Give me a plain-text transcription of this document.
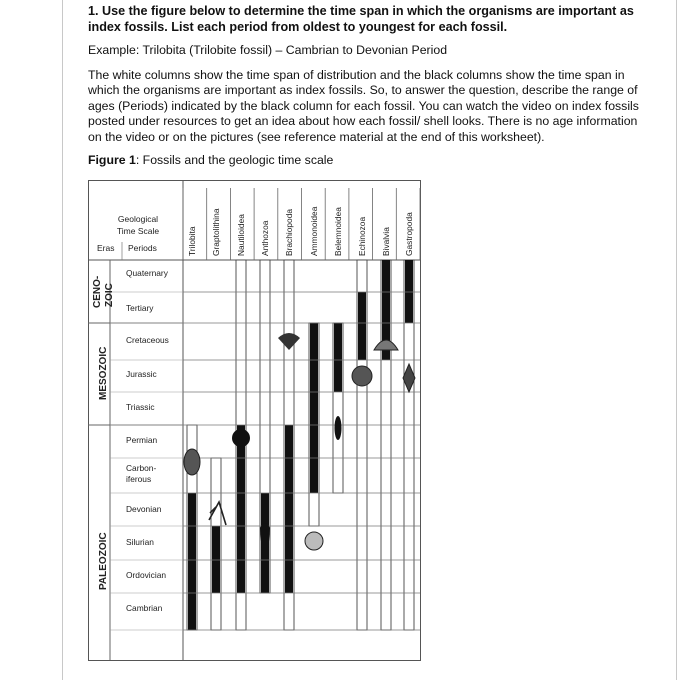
1. Use the figure below to determine the time span in which the organisms are important as index fossils. List each period from oldest to youngest for each fossil.
Example: Trilobita (Trilobite fossil) – Cambrian to Devonian Period
The white columns show the time span of distribution and the black columns show the time span in which the organisms are important as index fossils. So, to answer the question, describe the range of ages (Periods) indicated by the black column for each fossil. You can watch the video on index fossils posted under resources to get an idea about how each fossil/ shell looks. There is no age information on the video or on the pictures (see reference material at the end of this worksheet).
Figure 1: Fossils and the geologic time scale
Trilobita Graptolithina Nautiloidea Anthozoa Brachiopoda Ammonoidea Belemnoidea Echinozoa Bivalvia Gastropoda
Geological
Time Scale
Eras Periods
CENO- ZOIC
MESOZOIC
PALEOZOIC
Quaternary
Tertiary
Cretaceous
Jurassic
Triassic
Permian
Carbon-
iferous
Devonian
Silurian
Ordovician
Cambrian
